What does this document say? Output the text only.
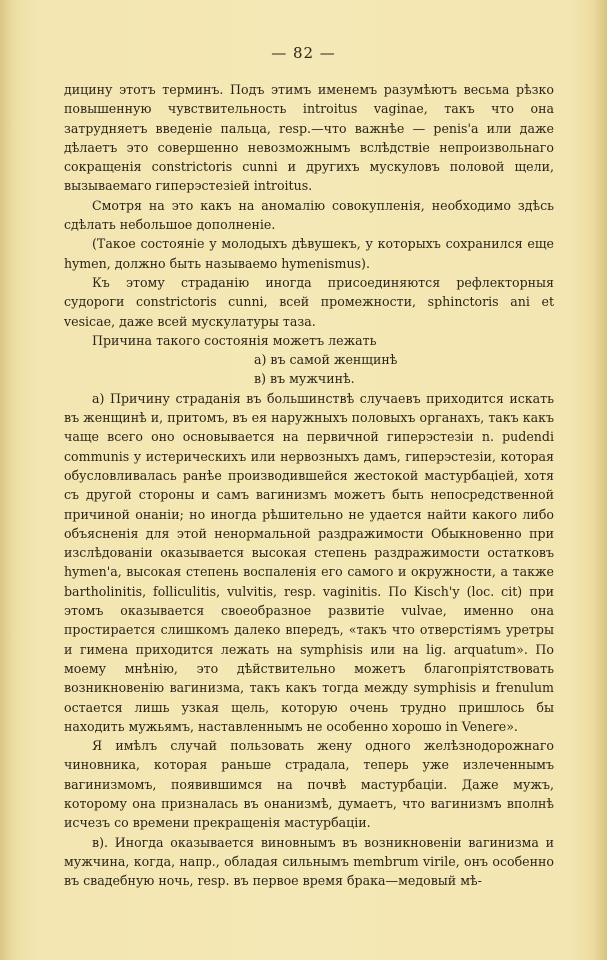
— 82 —

дицину этотъ терминъ. Подъ этимъ именемъ разумѣютъ весьма рѣзко повышенную чувствительность introitus vaginae, такъ что она затрудняетъ введеніе пальца, resp.—что важнѣе — penis'а или даже дѣлаетъ это совершенно невозможнымъ вслѣдствіе непроизвольнаго сокращенія constrictoris cunni и другихъ мускуловъ половой щели, вызываемаго гиперэстезіей introitus.

Смотря на это какъ на аномалію совокупленія, необходимо здѣсь сдѣлать небольшое дополненіе.

(Такое состояніе у молодыхъ дѣвушекъ, у которыхъ сохранился еще hymen, должно быть называемо hymenismus).

Къ этому страданію иногда присоединяются рефлекторныя судороги constrictoris cunni, всей промежности, sphinctoris ani et vesicae, даже всей мускулатуры таза.

Причина такого состоянія можетъ лежать

а) въ самой женщинѣ

в) въ мужчинѣ.

а) Причину страданія въ большинствѣ случаевъ приходится искать въ женщинѣ и, притомъ, въ ея наружныхъ половыхъ органахъ, такъ какъ чаще всего оно основывается на первичной гиперэстезіи n. pudendi communis у истерическихъ или нервозныхъ дамъ, гиперэстезіи, которая обусловливалась ранѣе производившейся жестокой мастурбаціей, хотя съ другой стороны и самъ вагинизмъ можетъ быть непосредственной причиной онаніи; но иногда рѣшительно не удается найти какого либо объясненія для этой ненормальной раздражимости Обыкновенно при изслѣдованіи оказывается высокая степень раздражимости остатковъ hymen'а, высокая степень воспаленія его самого и окружности, а также bartholinitis, folliculitis, vulvitis, resp. vaginitis. По Kisch'у (loc. cit) при этомъ оказывается своеобразное развитіе vulvae, именно она простирается слишкомъ далеко впередъ, «такъ что отверстіямъ уретры и гимена приходится лежать на symphisis или на lig. arquatum». По моему мнѣнію, это дѣйствительно можетъ благопріятствовать возникновенію вагинизма, такъ какъ тогда между symphisis и frenulum остается лишь узкая щель, которую очень трудно пришлось бы находить мужьямъ, наставленнымъ не особенно хорошо in Venere».

Я имѣлъ случай пользовать жену одного желѣзнодорожнаго чиновника, которая раньше страдала, теперь уже излеченнымъ вагинизмомъ, появившимся на почвѣ мастурбаціи. Даже мужъ, которому она призналась въ онанизмѣ, думаетъ, что вагинизмъ вполнѣ исчезъ со времени прекращенія мастурбаціи.

в). Иногда оказывается виновнымъ въ возникновеніи вагинизма и мужчина, когда, напр., обладая сильнымъ membrum virile, онъ особенно въ свадебную ночь, resp. въ первое время брака—медовый мѣ-
